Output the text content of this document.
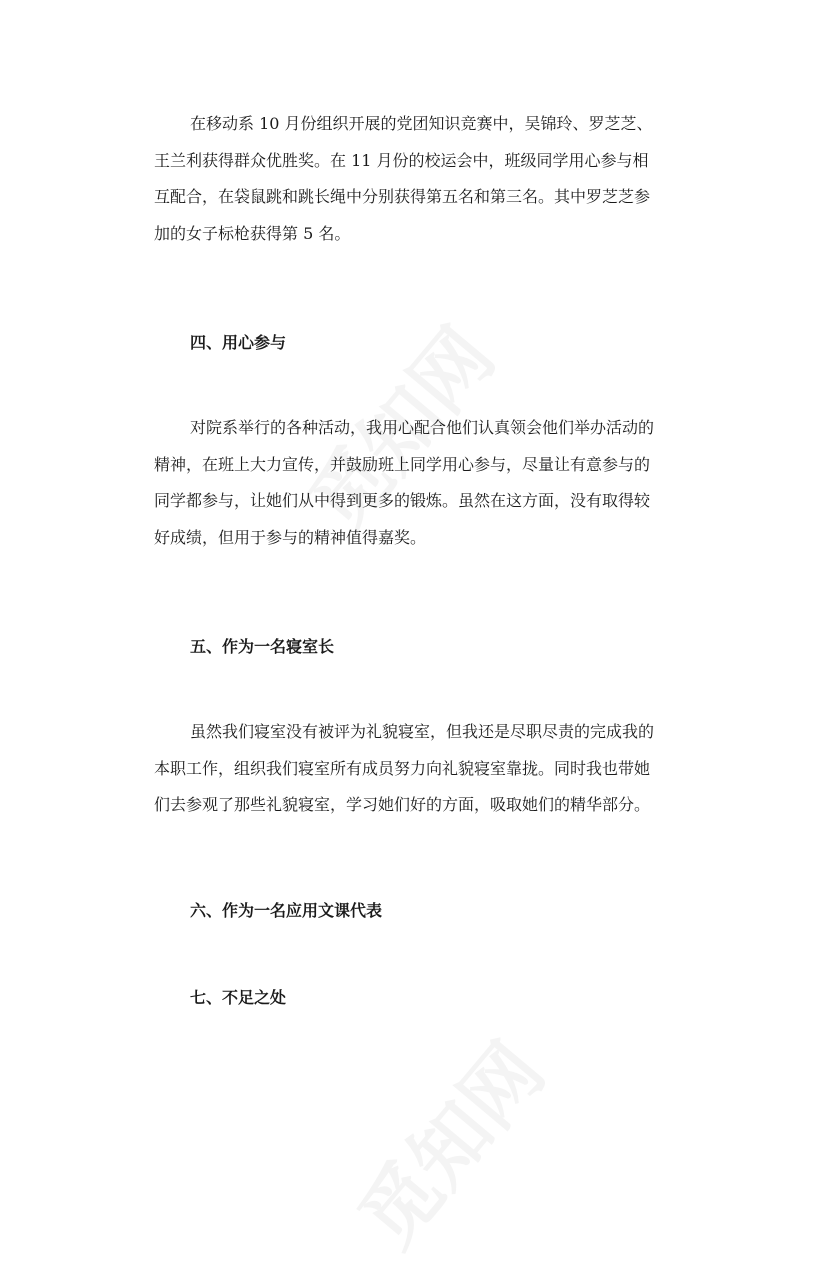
在移动系 10 月份组织开展的党团知识竞赛中，吴锦玲、罗芝芝、
王兰利获得群众优胜奖。在 11 月份的校运会中，班级同学用心参与相
互配合，在袋鼠跳和跳长绳中分别获得第五名和第三名。其中罗芝芝参
加的女子标枪获得第 5 名。
四、用心参与
对院系举行的各种活动，我用心配合他们认真领会他们举办活动的
精神，在班上大力宣传，并鼓励班上同学用心参与，尽量让有意参与的
同学都参与，让她们从中得到更多的锻炼。虽然在这方面，没有取得较
好成绩，但用于参与的精神值得嘉奖。
五、作为一名寝室长
虽然我们寝室没有被评为礼貌寝室，但我还是尽职尽责的完成我的
本职工作，组织我们寝室所有成员努力向礼貌寝室靠拢。同时我也带她
们去参观了那些礼貌寝室，学习她们好的方面，吸取她们的精华部分。
六、作为一名应用文课代表
七、不足之处
